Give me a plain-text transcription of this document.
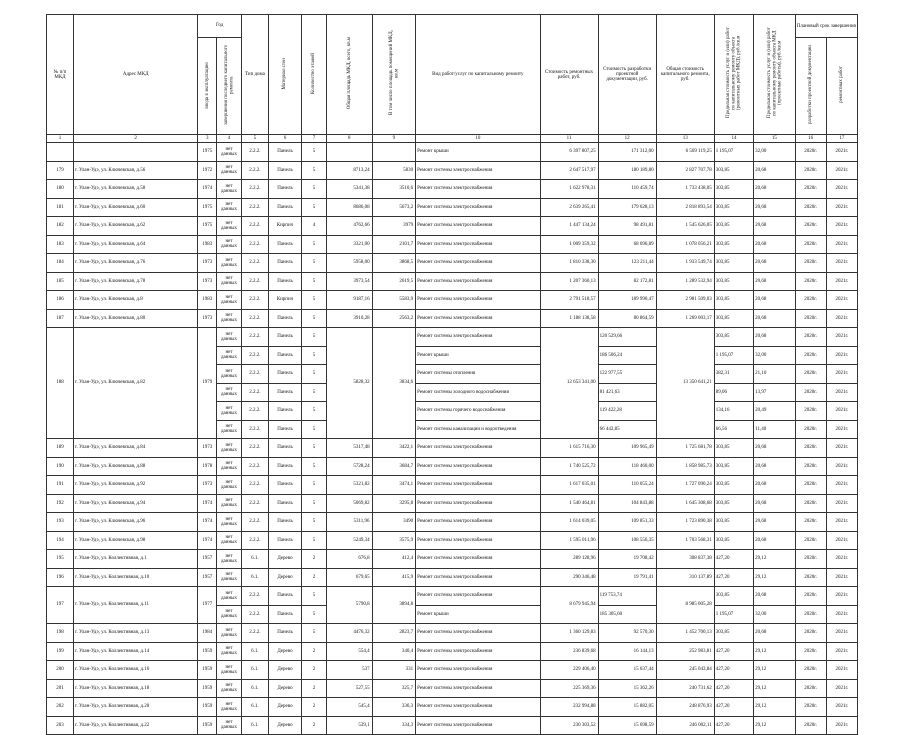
№ п/п МКД	Адрес МКД	Год		Тип дома	Материал стен	Количество этажей	Общая площадь МКД, всего, кв.м	В том числе площадь помещений МКД, кв.м	Вид работ/услуг по капитальному ремонту	Стоимость ремонтных работ, руб.	Стоимость разработки проектной документации, руб.	Общая стоимость капитального ремонта, руб.	Предельная стоимость услуг и (или) работ по капитальному ремонту объекта (ремонтных работ МКД), руб./кв.м	Предельная стоимость услуг и (или) работ по капитальному ремонту объекта МКД (проектные работы), руб./кв.м	Плановый срок завершения	
		ввода в эксплуатацию	завершения последнего капитального ремонта												разработки проектной документации	ремонтных работ
1	2	3	4	5	6	7	8	9	10	11	12	13	14	15	16	17
		1975	нет данных	2.2.2.	Панель	5			Ремонт крыши	6 397 807,25	171 312,00	6 569 119,25	1 195,07	32,00	2020г.	2021г.
179	г. Улан-Удэ, ул. Ключевская, д.56	1972	нет данных	2.2.2.	Панель	5	8713,24	5830	Ремонт системы электроснабжения	2 647 517,97	180 189,80	2 827 707,78	303,85	20,68	2020г.	2021г.
180	г. Улан-Удэ, ул. Ключевская, д.58	1974	нет данных	2.2.2.	Панель	5	5341,38	3510,6	Ремонт системы электроснабжения	1 622 978,31	110 459,74	1 733 438,05	303,85	20,68	2020г.	2021г.
181	г. Улан-Удэ, ул. Ключевская, д.60	1975	нет данных	2.2.2.	Панель	5	8686,08	5673,2	Ремонт системы электроснабжения	2 639 265,41	179 628,13	2 818 893,54	303,85	20,68	2020г.	2021г.
182	г. Улан-Удэ, ул. Ключевская, д.62	1975	нет данных	2.2.2.	Кирпич	4	4762,66	3979	Ремонт системы электроснабжения	1 447 134,24	98 491,81	1 545 626,05	303,85	20,68	2020г.	2021г.
183	г. Улан-Удэ, ул. Ключевская, д.64	1983	нет данных	2.2.2.	Панель	5	3321,00	2101,7	Ремонт системы электроснабжения	1 009 359,32	68 696,89	1 078 056,21	303,85	20,68	2020г.	2021г.
184	г. Улан-Удэ, ул. Ключевская, д.76	1973	нет данных	2.2.2.	Панель	5	5958,00	3868,5	Ремонт системы электроснабжения	1 810 338,30	123 211,44	1 933 549,74	303,85	20,68	2020г.	2021г.
185	г. Улан-Удэ, ул. Ключевская, д.78	1973	нет данных	2.2.2.	Панель	5	3973,54	2619,5	Ремонт системы электроснабжения	1 207 360,13	82 172,81	1 289 532,94	303,85	20,68	2020г.	2021г.
186	г. Улан-Удэ, ул. Ключевская, д.8	1983	нет данных	2.2.2.	Кирпич	5	9187,16	5583,9	Ремонт системы электроснабжения	2 791 518,57	189 990,47	2 981 509,03	303,85	20,68	2020г.	2021г.
187	г. Улан-Удэ, ул. Ключевская, д.80	1973	нет данных	2.2.2.	Панель	5	3910,28	2563,2	Ремонт системы электроснабжения	1 188 138,58	80 864,59	1 269 003,17	303,85	20,68	2020г.	2021г.
188	г. Улан-Удэ, ул. Ключевская, д.82	1979	нет данных	2.2.2.	Панель	5	5828,32	3834,6	Ремонт системы электроснабжения	12 653 341,00	120 529,66	13 350 641,21	303,85	20,68	2020г.	2021г.
			нет данных	2.2.2.	Панель	5			Ремонт крыши		186 506,24		1 195,07	32,00	2020г.	2021г.
			нет данных	2.2.2.	Панель	5			Ремонт системы отопления		122 977,55		382,31	21,10	2020г.	2021г.
			нет данных	2.2.2.	Панель	5			Ремонт системы холодного водоснабжения		81 421,63		89,06	13,97	2020г.	2021г.
			нет данных	2.2.2.	Панель	5			Ремонт системы горячего водоснабжения		119 422,28		134,16	20,49	2020г.	2021г.
			нет данных	2.2.2.	Панель	5			Ремонт системы канализации и водоотведения		66 442,85		66,56	11,40	2020г.	2021г.
189	г. Улан-Удэ, ул. Ключевская, д.84	1973	нет данных	2.2.2.	Панель	5	5317,48	3422,1	Ремонт системы электроснабжения	1 615 716,30	109 965,49	1 725 681,78	303,85	20,68	2020г.	2021г.
190	г. Улан-Удэ, ул. Ключевская, д.88	1978	нет данных	2.2.2.	Панель	5	5728,24	3684,7	Ремонт системы электроснабжения	1 740 525,72	118 460,00	1 858 985,73	303,85	20,68	2020г.	2021г.
191	г. Улан-Удэ, ул. Ключевская, д.92	1973	нет данных	2.2.2.	Панель	5	5321,82	3474,1	Ремонт системы электроснабжения	1 617 035,01	110 055,24	1 727 090,24	303,85	20,68	2020г.	2021г.
192	г. Улан-Удэ, ул. Ключевская, д.94	1974	нет данных	2.2.2.	Панель	5	5069,82	3295,8	Ремонт системы электроснабжения	1 540 464,81	104 843,88	1 645 308,68	303,85	20,68	2020г.	2021г.
193	г. Улан-Удэ, ул. Ключевская, д.96	1974	нет данных	2.2.2.	Панель	5	5311,96	3490	Ремонт системы электроснабжения	1 614 039,05	109 851,33	1 723 890,38	303,85	20,68	2020г.	2021г.
194	г. Улан-Удэ, ул. Ключевская, д.98	1974	нет данных	2.2.2.	Панель	5	5249,34	3575,9	Ремонт системы электроснабжения	1 595 011,96	108 556,35	1 703 568,31	303,85	20,68	2020г.	2021г.
195	г. Улан-Удэ, ул. Коллективная, д.1	1957	нет данных	6.1.	Дерево	2	676,8	412,4	Ремонт системы электроснабжения	289 128,96	19 708,42	308 837,38	427,20	29,12	2020г.	2021г.
196	г. Улан-Удэ, ул. Коллективная, д.10	1957	нет данных	6.1.	Дерево	2	679,65	415,9	Ремонт системы электроснабжения	290 346,48	19 791,41	310 137,89	427,20	29,12	2020г.	2021г.
197	г. Улан-Удэ, ул. Коллективная, д.11	1977	нет данных	2.2.2.	Панель	5	5790,8	3894,8	Ремонт системы электроснабжения	8 679 945,94	119 753,74	8 985 005,28	303,85	20,68	2020г.	2021г.
			нет данных	2.2.2.	Панель	5			Ремонт крыши		185 305,60		1 195,07	32,00	2020г.	2021г.
198	г. Улан-Удэ, ул. Коллективная, д.13	1984	нет данных	2.2.2.	Панель	5	4476,32	2823,7	Ремонт системы электроснабжения	1 360 129,83	92 570,30	1 452 700,13	303,85	20,68	2020г.	2021г.
199	г. Улан-Удэ, ул. Коллективная, д.14	1959	нет данных	6.1.	Дерево	2	554,4	340,4	Ремонт системы электроснабжения	236 839,68	16 144,13	252 983,81	427,20	29,12	2020г.	2021г.
200	г. Улан-Удэ, ул. Коллективная, д.16	1959	нет данных	6.1.	Дерево	2	537	331	Ремонт системы электроснабжения	229 406,40	15 637,44	245 043,84	427,20	29,12	2020г.	2021г.
201	г. Улан-Удэ, ул. Коллективная, д.18	1959	нет данных	6.1.	Дерево	2	527,55	325,7	Ремонт системы электроснабжения	225 369,36	15 362,26	240 731,62	427,20	29,12	2020г.	2021г.
202	г. Улан-Удэ, ул. Коллективная, д.20	1959	нет данных	6.1.	Дерево	2	545,4	336,3	Ремонт системы электроснабжения	232 994,88	15 882,05	248 876,93	427,20	29,12	2020г.	2021г.
203	г. Улан-Удэ, ул. Коллективная, д.22	1959	нет данных	6.1.	Дерево	2	539,1	334,3	Ремонт системы электроснабжения	230 303,52	15 698,59	246 002,11	427,20	29,12	2020г.	2021г.
